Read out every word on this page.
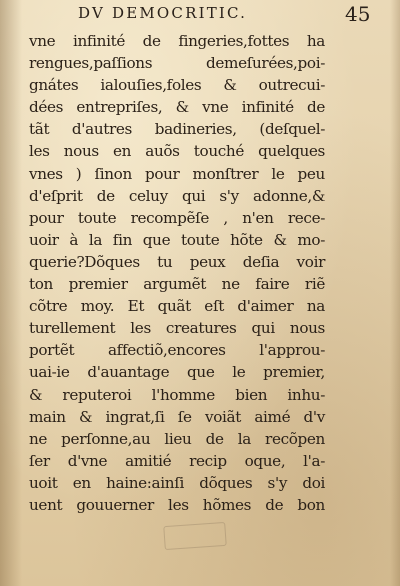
DV DEMOCRITIC.	45
vne infinité de fingeries,fottes ha
rengues,paſſions demeſurées,poi-
gnátes ialouſies,foles & outrecui-
dées entrepriſes, & vne infinité de
tãt d'autres badineries, (deſquel-
les nous en auõs touché quelques
vnes ) ſinon pour monſtrer le peu
d'eſprit de celuy qui s'y adonne,&
pour toute recompẽſe , n'en rece-
uoir à la fin que toute hõte & mo-
querie?Dõques tu peux deſia voir
ton premier argumẽt ne faire riẽ
cõtre moy. Et quãt eſt d'aimer na
turellement les creatures qui nous
portẽt affectiõ,encores l'approu-
uai-ie d'auantage que le premier,
& reputeroi l'homme bien inhu-
main & ingrat,ſi ſe voiãt aimé d'v
ne perſonne,au lieu de la recõpen
ſer d'vne amitié recip oque, l'a-
uoit en haine:ainſi dõques s'y doi
uent gouuerner les hõmes de bon
